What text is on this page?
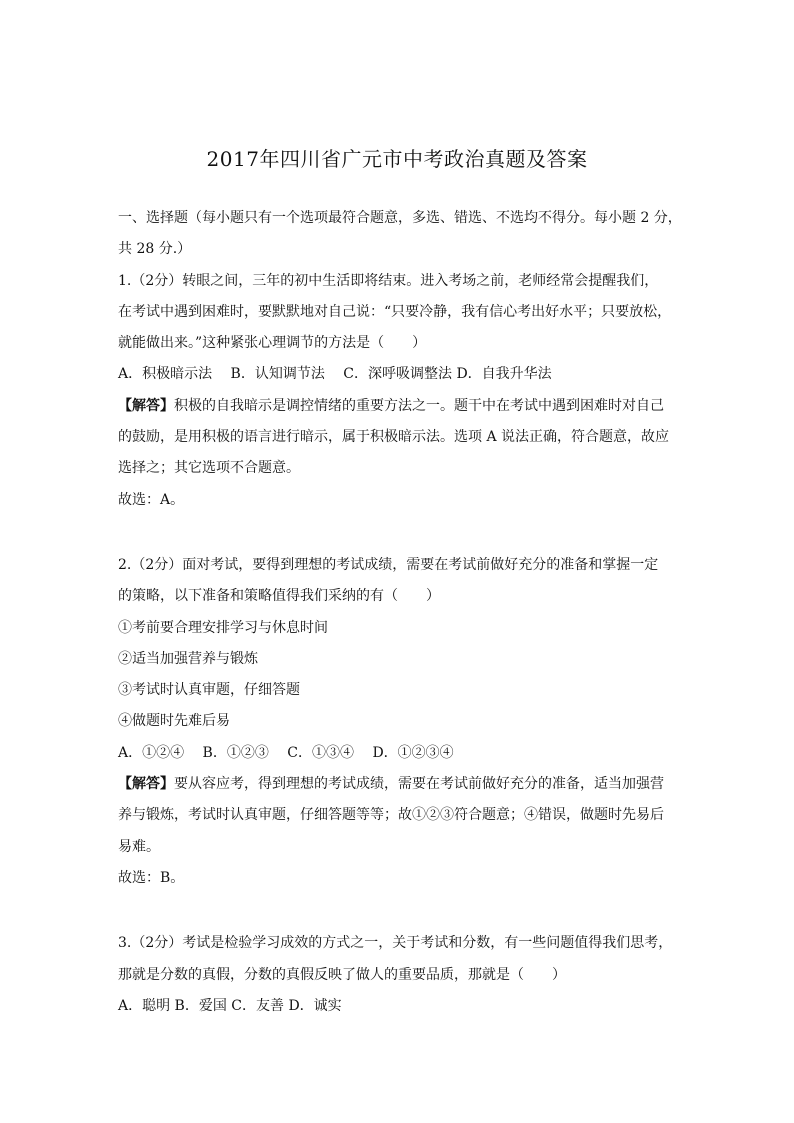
2017年四川省广元市中考政治真题及答案
一、选择题（每小题只有一个选项最符合题意，多选、错选、不选均不得分。每小题 2 分，
共 28 分.）
1.（2分）转眼之间，三年的初中生活即将结束。进入考场之前，老师经常会提醒我们，
在考试中遇到困难时，要默默地对自己说：“只要冷静，我有信心考出好水平；只要放松，
就能做出来。”这种紧张心理调节的方法是（　　）
A．积极暗示法　 B．认知调节法　 C．深呼吸调整法 D．自我升华法
【解答】积极的自我暗示是调控情绪的重要方法之一。题干中在考试中遇到困难时对自己
的鼓励，是用积极的语言进行暗示，属于积极暗示法。选项 A 说法正确，符合题意，故应
选择之；其它选项不合题意。
故选：A。
2.（2分）面对考试，要得到理想的考试成绩，需要在考试前做好充分的准备和掌握一定
的策略，以下准备和策略值得我们采纳的有（　　）
①考前要合理安排学习与休息时间
②适当加强营养与锻炼
③考试时认真审题，仔细答题
④做题时先难后易
A．①②④　 B．①②③　 C．①③④　 D．①②③④
【解答】要从容应考，得到理想的考试成绩，需要在考试前做好充分的准备，适当加强营
养与锻炼，考试时认真审题，仔细答题等等；故①②③符合题意；④错误，做题时先易后
易难。
故选：B。
3.（2分）考试是检验学习成效的方式之一，关于考试和分数，有一些问题值得我们思考，
那就是分数的真假，分数的真假反映了做人的重要品质，那就是（　　）
A．聪明 B．爱国 C．友善 D．诚实
